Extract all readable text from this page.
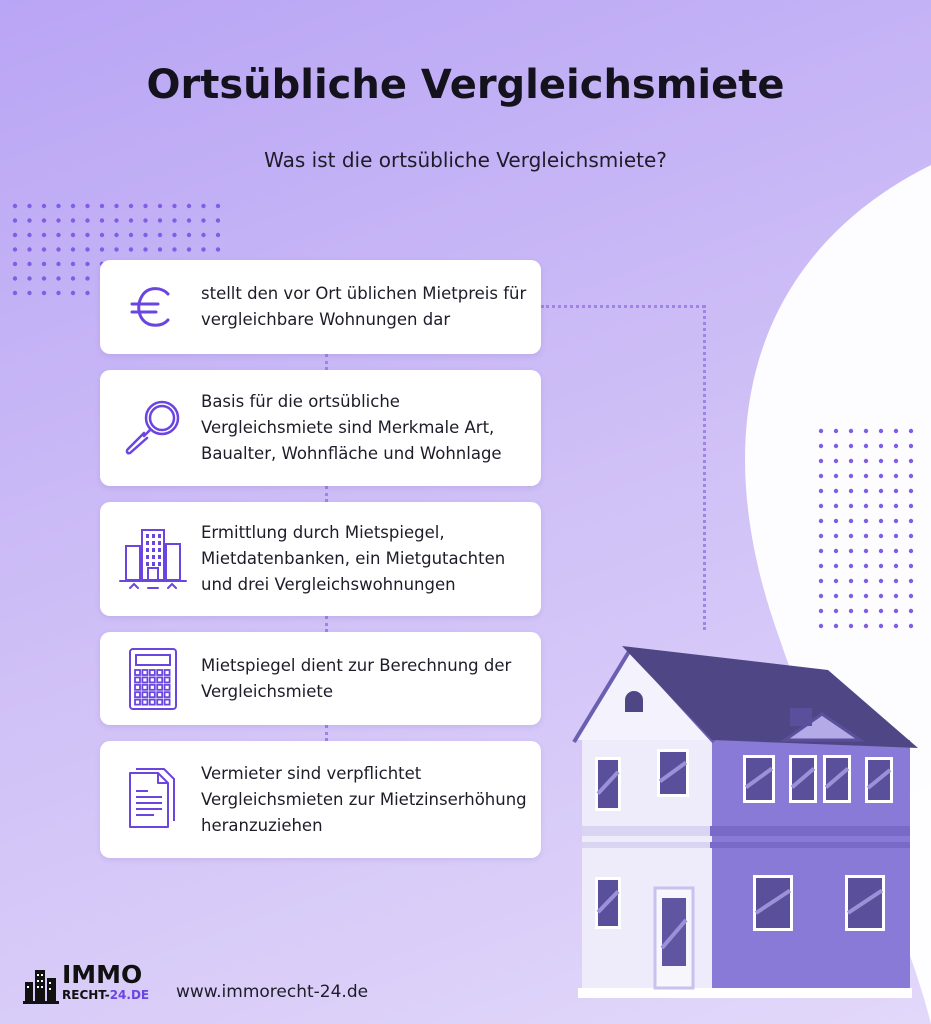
Ortsübliche Vergleichsmiete
Was ist die ortsübliche Vergleichsmiete?
stellt den vor Ort üblichen Mietpreis für vergleichbare Wohnungen dar
Basis für die ortsübliche Vergleichsmiete sind Merkmale Art, Baualter, Wohnfläche und Wohnlage
Ermittlung durch Mietspiegel, Mietdatenbanken, ein Mietgutachten und drei Vergleichswohnungen
Mietspiegel dient zur Berechnung der Vergleichsmiete
Vermieter sind verpflichtet Vergleichsmieten zur Mietzinserhöhung heranzuziehen
IMMO
RECHT-24.DE www.immorecht-24.de
